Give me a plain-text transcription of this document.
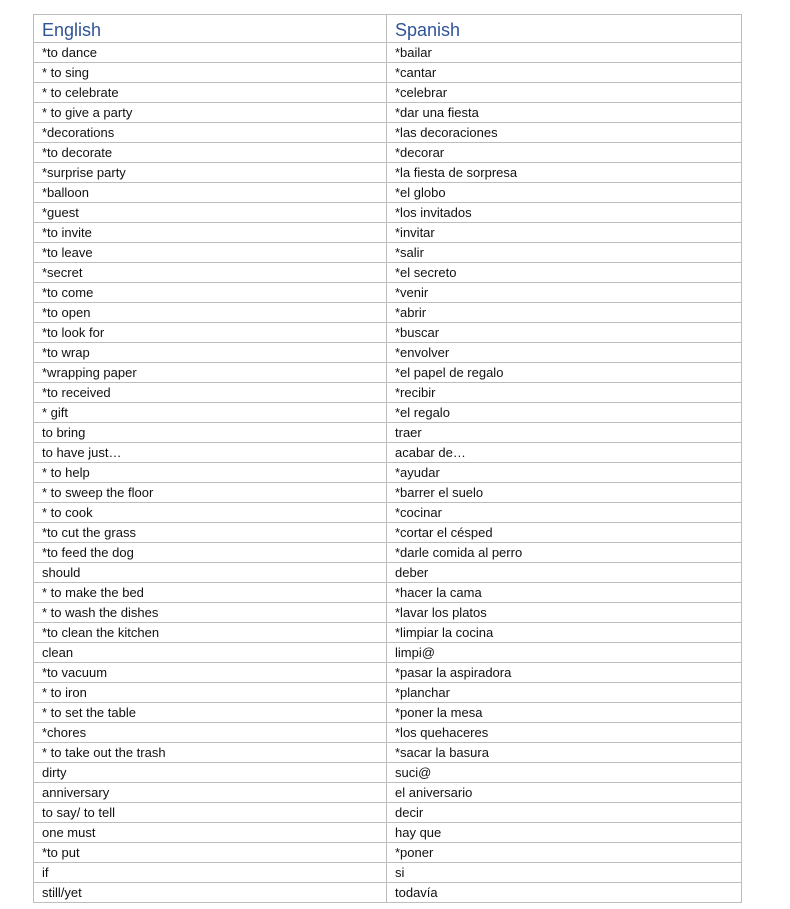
English	Spanish
*to dance	*bailar
* to sing	*cantar
* to celebrate	*celebrar
* to give a party	*dar una fiesta
*decorations	*las decoraciones
*to decorate	*decorar
*surprise party	*la fiesta de sorpresa
*balloon	*el globo
*guest	*los invitados
*to invite	*invitar
*to leave	*salir
*secret	*el secreto
*to come	*venir
*to open	*abrir
*to look for	*buscar
*to wrap	*envolver
*wrapping paper	*el papel de regalo
*to received	*recibir
* gift	*el regalo
to bring	traer
to have just…	acabar de…
* to help	*ayudar
* to sweep the floor	*barrer el suelo
* to cook	*cocinar
*to cut the grass	*cortar el césped
*to feed the dog	*darle comida al perro
should	deber
* to make the bed	*hacer la cama
* to wash the dishes	*lavar los platos
*to clean the kitchen	*limpiar la cocina
clean	limpi@
*to vacuum	*pasar la aspiradora
* to iron	*planchar
* to set the table	*poner la mesa
*chores	*los quehaceres
* to take out the trash	*sacar la basura
dirty	suci@
anniversary	el aniversario
to say/ to tell	decir
one must	hay que
*to put	*poner
if	si
still/yet	todavía
